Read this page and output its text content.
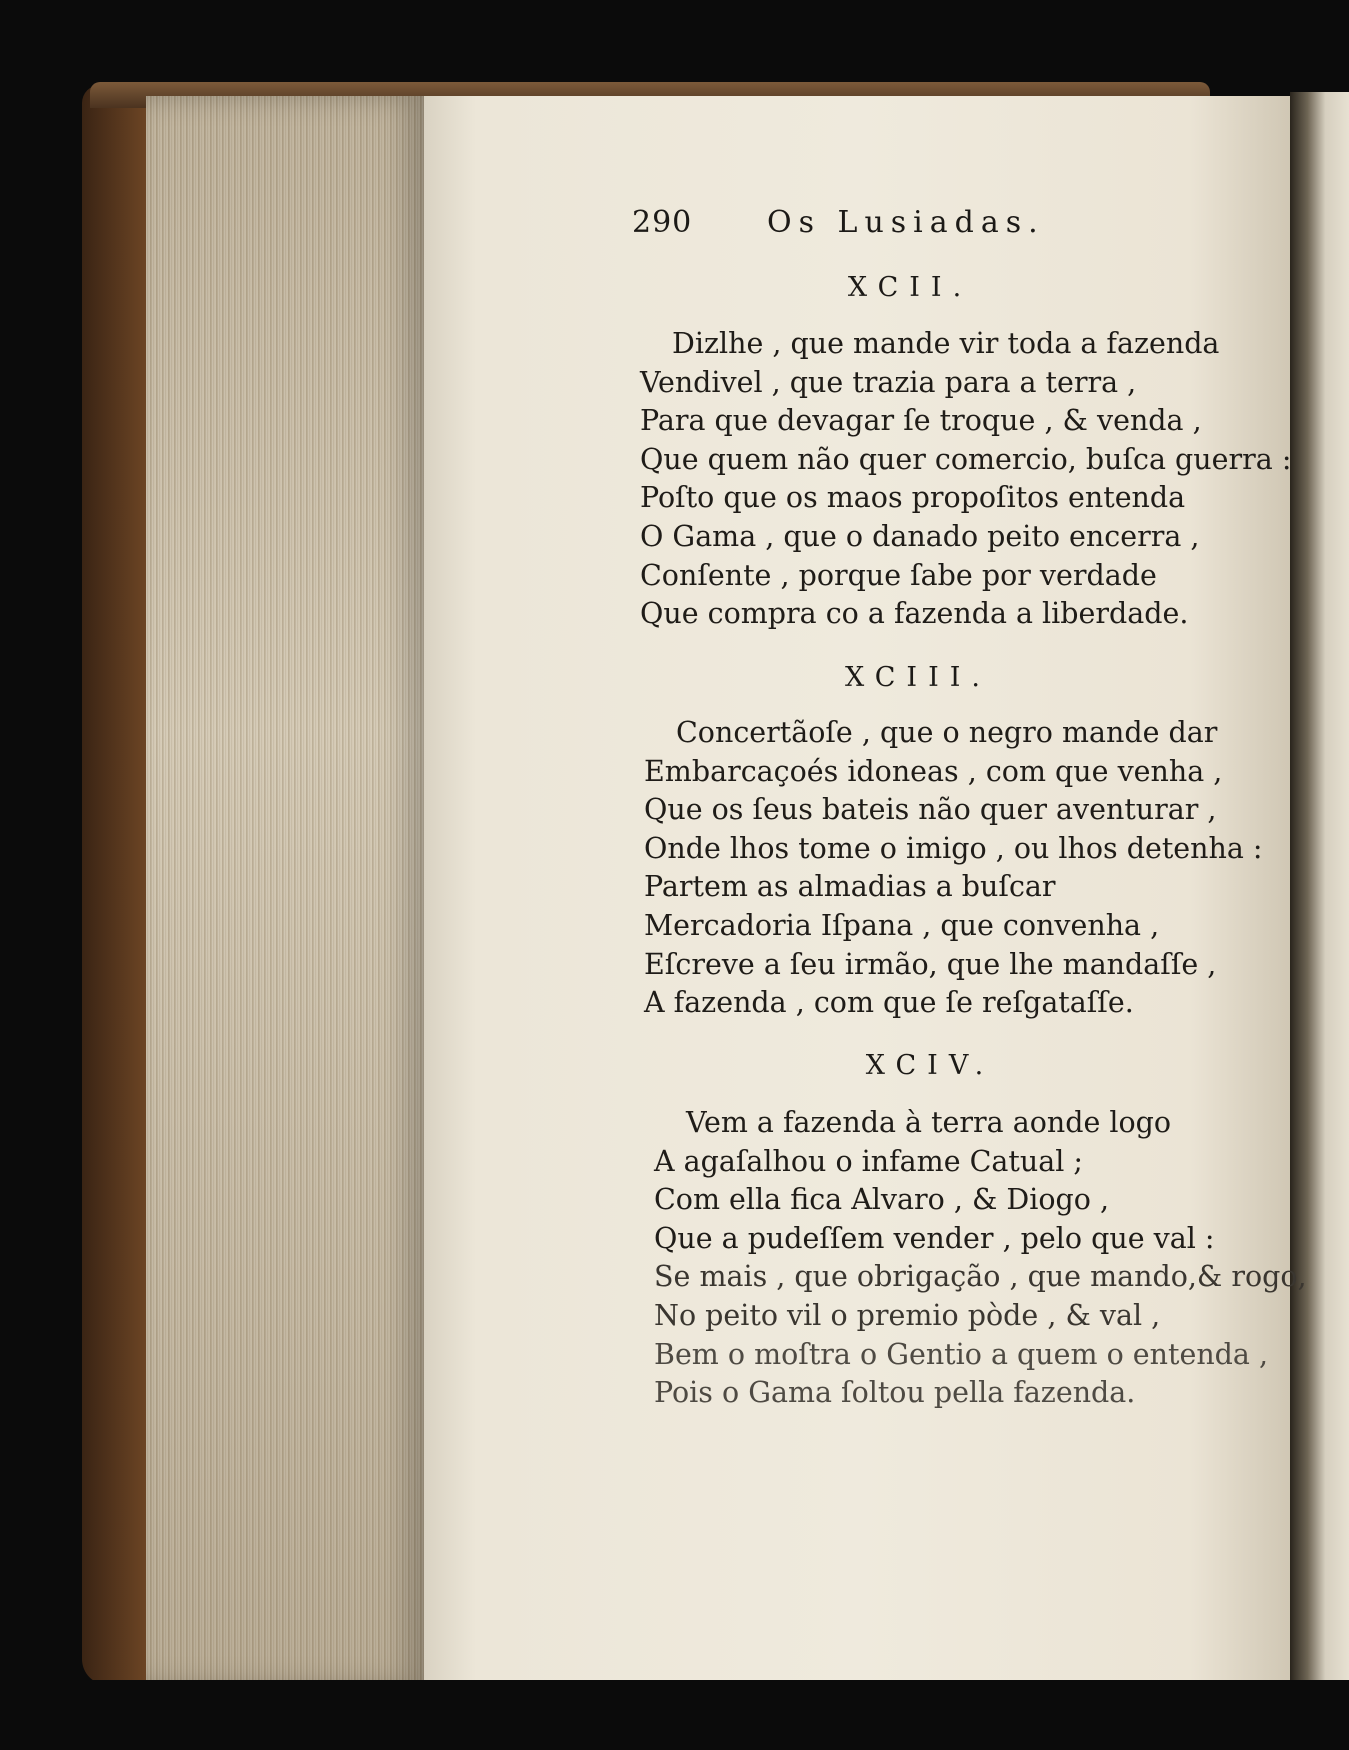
290 Os Lusiadas.
XCII.
Dizlhe , que mande vir toda a fazenda
Vendivel , que trazia para a terra ,
Para que devagar ſe troque , & venda ,
Que quem não quer comercio, buſca guerra :
Poſto que os maos propoſitos entenda
O Gama , que o danado peito encerra ,
Conſente , porque ſabe por verdade
Que compra co a fazenda a liberdade.
XCIII.
Concertãoſe , que o negro mande dar
Embarcaçoés idoneas , com que venha ,
Que os ſeus bateis não quer aventurar ,
Onde lhos tome o imigo , ou lhos detenha :
Partem as almadias a buſcar
Mercadoria Iſpana , que convenha ,
Eſcreve a ſeu irmão, que lhe mandaſſe ,
A fazenda , com que ſe reſgataſſe.
XCIV.
Vem a fazenda à terra aonde logo
A agaſalhou o infame Catual ;
Com ella fica Alvaro , & Diogo ,
Que a pudeſſem vender , pelo que val :
Se mais , que obrigação , que mando,& rogo,
No peito vil o premio pòde , & val ,
Bem o moſtra o Gentio a quem o entenda ,
Pois o Gama ſoltou pella fazenda.
